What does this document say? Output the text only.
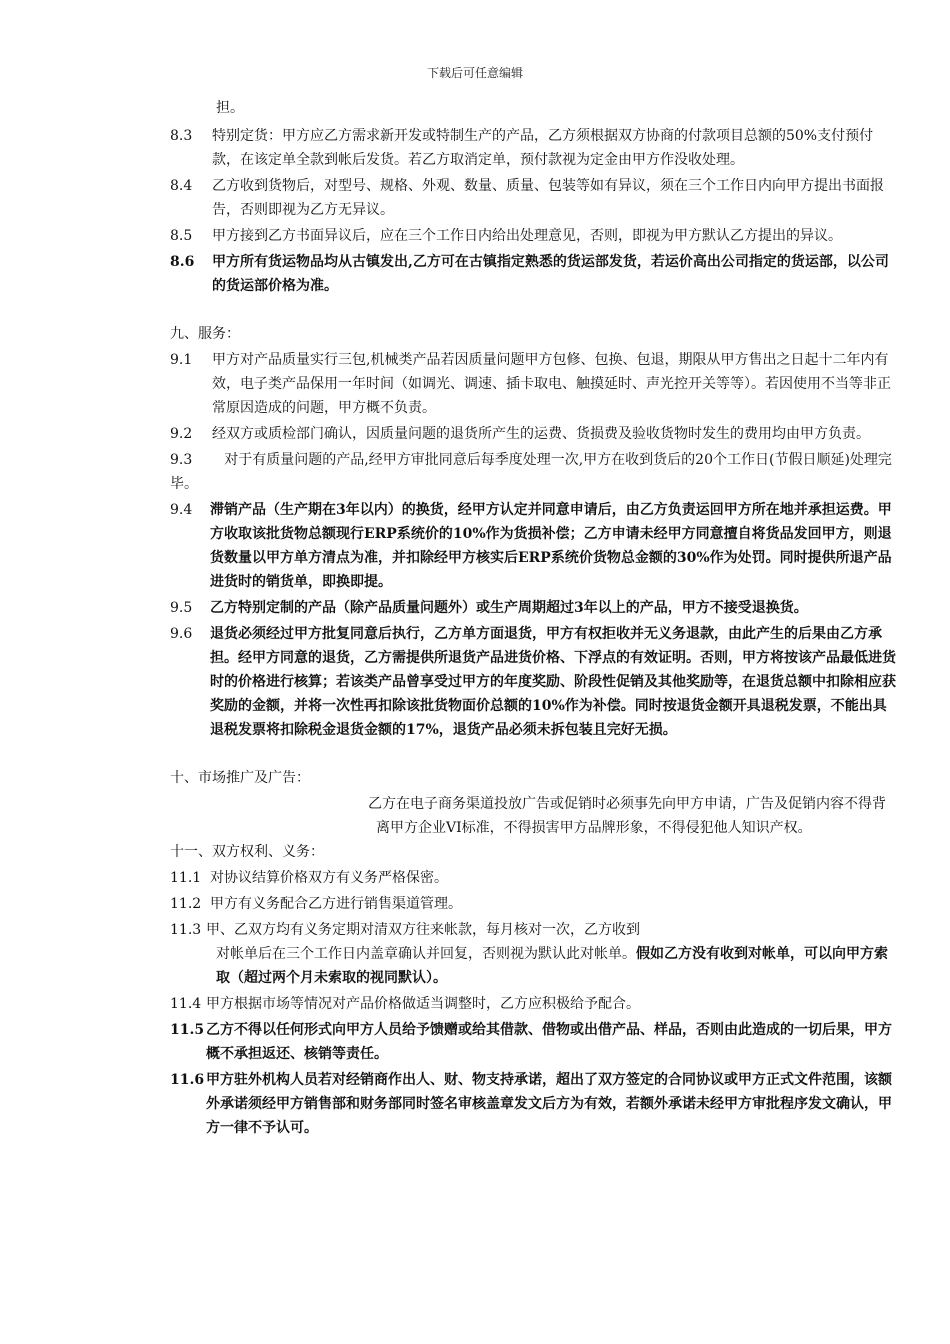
下载后可任意编辑

担。

8.3	特别定货：甲方应乙方需求新开发或特制生产的产品，乙方须根据双方协商的付款项目总额的50%支付预付款，在该定单全款到帐后发货。若乙方取消定单，预付款视为定金由甲方作没收处理。
8.4	乙方收到货物后，对型号、规格、外观、数量、质量、包装等如有异议，须在三个工作日内向甲方提出书面报告，否则即视为乙方无异议。
8.5	甲方接到乙方书面异议后，应在三个工作日内给出处理意见，否则，即视为甲方默认乙方提出的异议。
8.6	甲方所有货运物品均从古镇发出,乙方可在古镇指定熟悉的货运部发货，若运价高出公司指定的货运部，以公司的货运部价格为准。

九、服务：

9.1	甲方对产品质量实行三包,机械类产品若因质量问题甲方包修、包换、包退，期限从甲方售出之日起十二年内有效，电子类产品保用一年时间（如调光、调速、插卡取电、触摸延时、声光控开关等等）。若因使用不当等非正常原因造成的问题，甲方概不负责。
9.2	经双方或质检部门确认，因质量问题的退货所产生的运费、货损费及验收货物时发生的费用均由甲方负责。
9.3 对于有质量问题的产品,经甲方审批同意后每季度处理一次,甲方在收到货后的20个工作日(节假日顺延)处理完毕。
9.4	滞销产品（生产期在3年以内）的换货，经甲方认定并同意申请后，由乙方负责运回甲方所在地并承担运费。甲方收取该批货物总额现行ERP系统价的10%作为货损补偿；乙方申请未经甲方同意擅自将货品发回甲方，则退货数量以甲方单方清点为准，并扣除经甲方核实后ERP系统价货物总金额的30%作为处罚。同时提供所退产品进货时的销货单，即换即提。
9.5	乙方特别定制的产品（除产品质量问题外）或生产周期超过3年以上的产品，甲方不接受退换货。
9.6	退货必须经过甲方批复同意后执行，乙方单方面退货，甲方有权拒收并无义务退款，由此产生的后果由乙方承担。经甲方同意的退货，乙方需提供所退货产品进货价格、下浮点的有效证明。否则，甲方将按该产品最低进货时的价格进行核算；若该类产品曾享受过甲方的年度奖励、阶段性促销及其他奖励等，在退货总额中扣除相应获奖励的金额，并将一次性再扣除该批货物面价总额的10%作为补偿。同时按退货金额开具退税发票，不能出具退税发票将扣除税金退货金额的17%，退货产品必须未拆包装且完好无损。

十、市场推广及广告：

乙方在电子商务渠道投放广告或促销时必须事先向甲方申请，广告及促销内容不得背离甲方企业VI标准，不得损害甲方品牌形象，不得侵犯他人知识产权。

十一、双方权利、义务：

11.1 对协议结算价格双方有义务严格保密。
11.2 甲方有义务配合乙方进行销售渠道管理。
11.3 甲、乙双方均有义务定期对清双方往来帐款，每月核对一次，乙方收到
对帐单后在三个工作日内盖章确认并回复，否则视为默认此对帐单。假如乙方没有收到对帐单，可以向甲方索取（超过两个月未索取的视同默认）。
11.4 甲方根据市场等情况对产品价格做适当调整时，乙方应积极给予配合。
11.5 乙方不得以任何形式向甲方人员给予馈赠或给其借款、借物或出借产品、样品，否则由此造成的一切后果，甲方概不承担返还、核销等责任。
11.6 甲方驻外机构人员若对经销商作出人、财、物支持承诺，超出了双方签定的合同协议或甲方正式文件范围，该额外承诺须经甲方销售部和财务部同时签名审核盖章发文后方为有效，若额外承诺未经甲方审批程序发文确认，甲方一律不予认可。
